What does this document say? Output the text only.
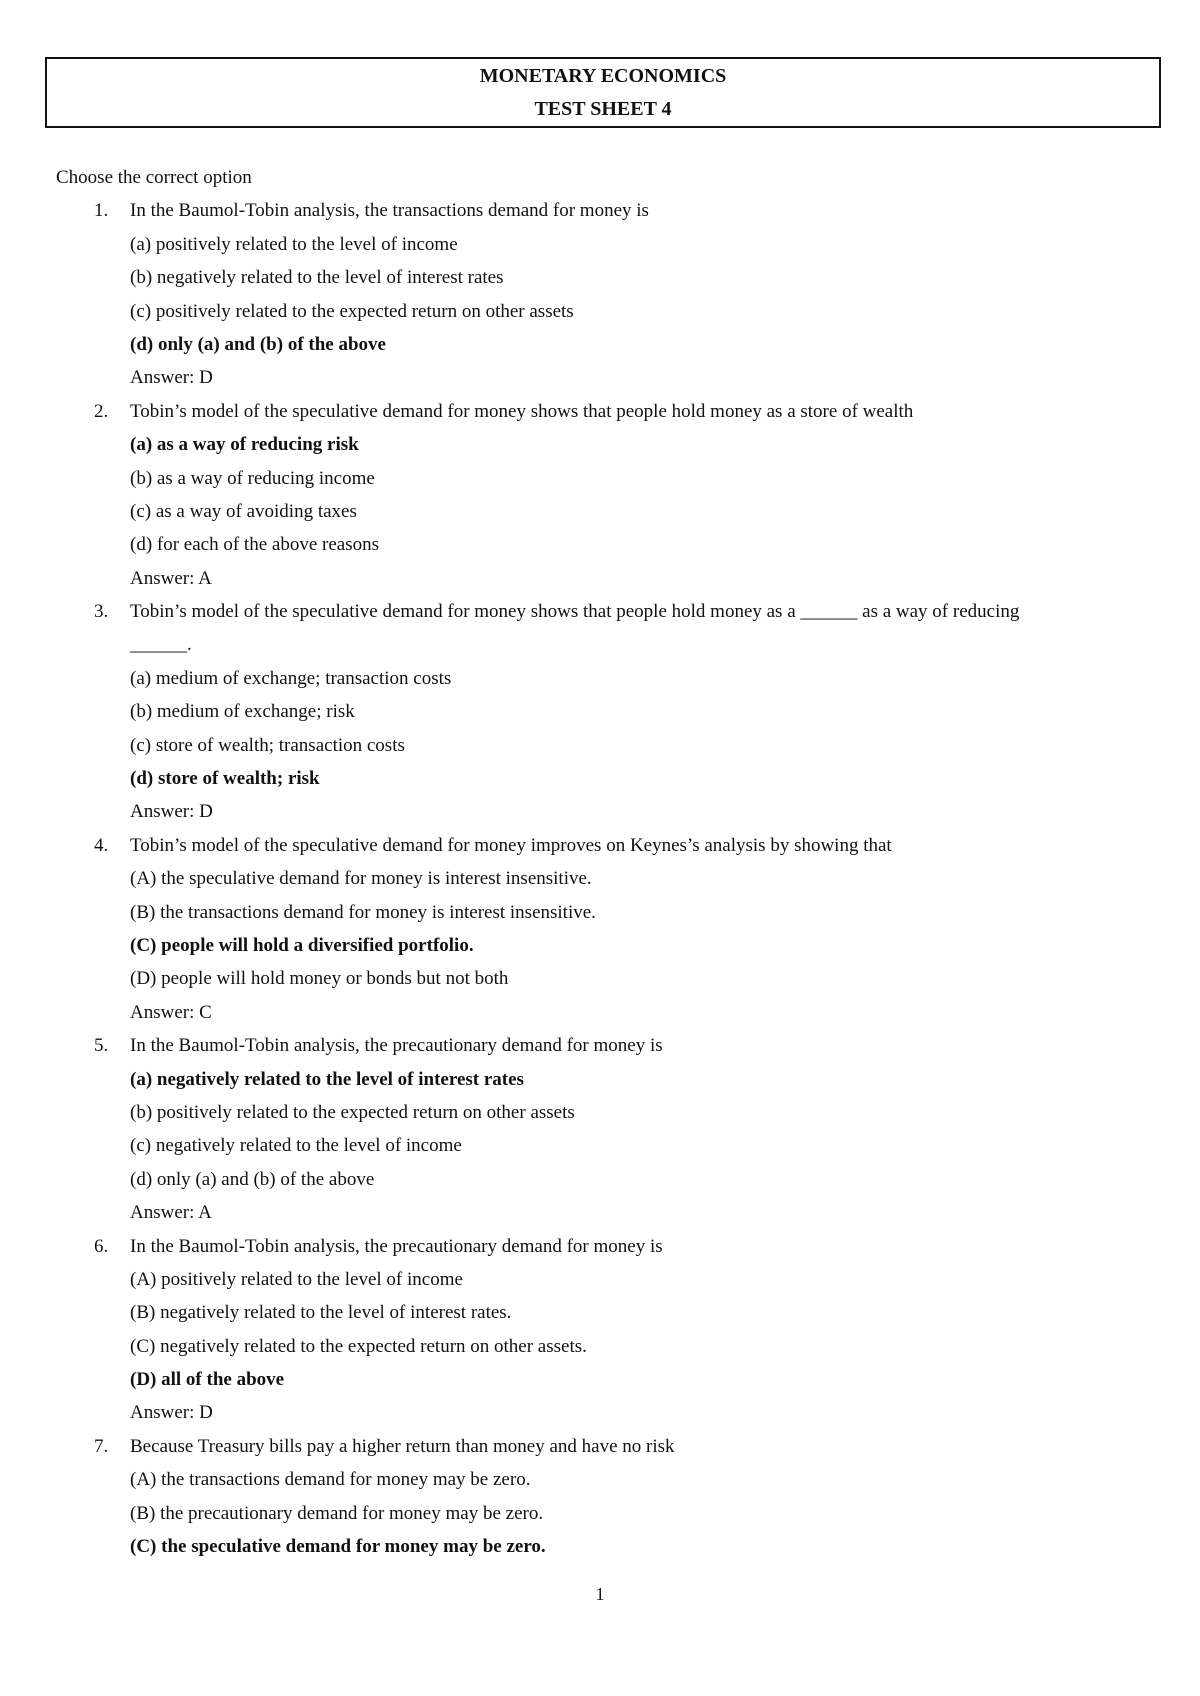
MONETARY ECONOMICS
TEST SHEET 4
Choose the correct option
1. In the Baumol-Tobin analysis, the transactions demand for money is
(a) positively related to the level of income
(b) negatively related to the level of interest rates
(c) positively related to the expected return on other assets
(d) only (a) and (b) of the above
Answer: D
2. Tobin’s model of the speculative demand for money shows that people hold money as a store of wealth
(a) as a way of reducing risk
(b) as a way of reducing income
(c) as a way of avoiding taxes
(d) for each of the above reasons
Answer: A
3. Tobin’s model of the speculative demand for money shows that people hold money as a ______ as a way of reducing
______.
(a) medium of exchange; transaction costs
(b) medium of exchange; risk
(c) store of wealth; transaction costs
(d) store of wealth; risk
Answer: D
4. Tobin’s model of the speculative demand for money improves on Keynes’s analysis by showing that
(A) the speculative demand for money is interest insensitive.
(B) the transactions demand for money is interest insensitive.
(C) people will hold a diversified portfolio.
(D) people will hold money or bonds but not both
Answer: C
5. In the Baumol-Tobin analysis, the precautionary demand for money is
(a) negatively related to the level of interest rates
(b) positively related to the expected return on other assets
(c) negatively related to the level of income
(d) only (a) and (b) of the above
Answer: A
6. In the Baumol-Tobin analysis, the precautionary demand for money is
(A) positively related to the level of income
(B) negatively related to the level of interest rates.
(C) negatively related to the expected return on other assets.
(D) all of the above
Answer: D
7. Because Treasury bills pay a higher return than money and have no risk
(A) the transactions demand for money may be zero.
(B) the precautionary demand for money may be zero.
(C) the speculative demand for money may be zero.
1
